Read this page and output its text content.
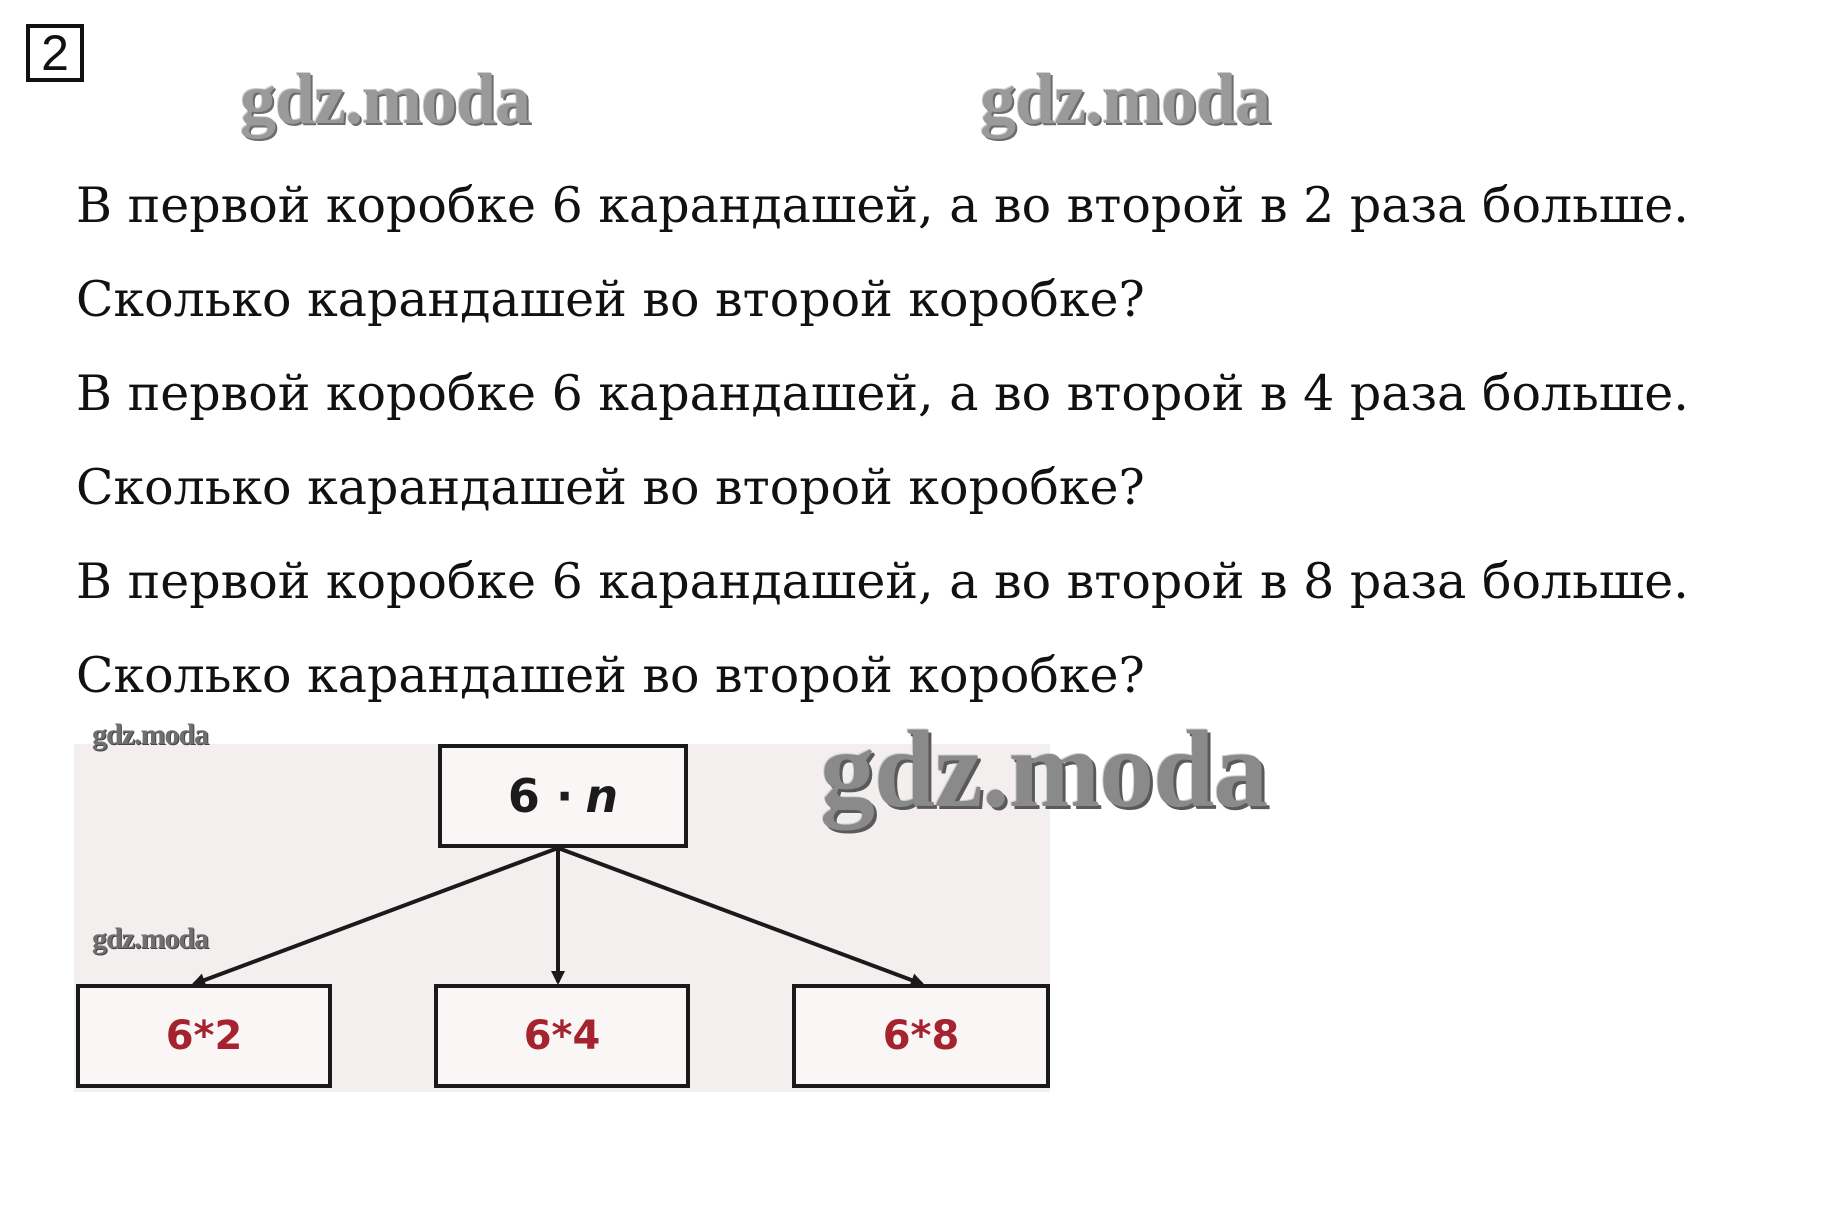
2
gdz.moda	gdz.moda
В первой коробке 6 карандашей, а во второй в 2 раза больше.
Сколько карандашей во второй коробке?
В первой коробке 6 карандашей, а во второй в 4 раза больше.
Сколько карандашей во второй коробке?
В первой коробке 6 карандашей, а во второй в 8 раза больше.
Сколько карандашей во второй коробке?
6 · n
6*2	6*4	6*8
gdz.moda
gdz.moda
gdz.moda
